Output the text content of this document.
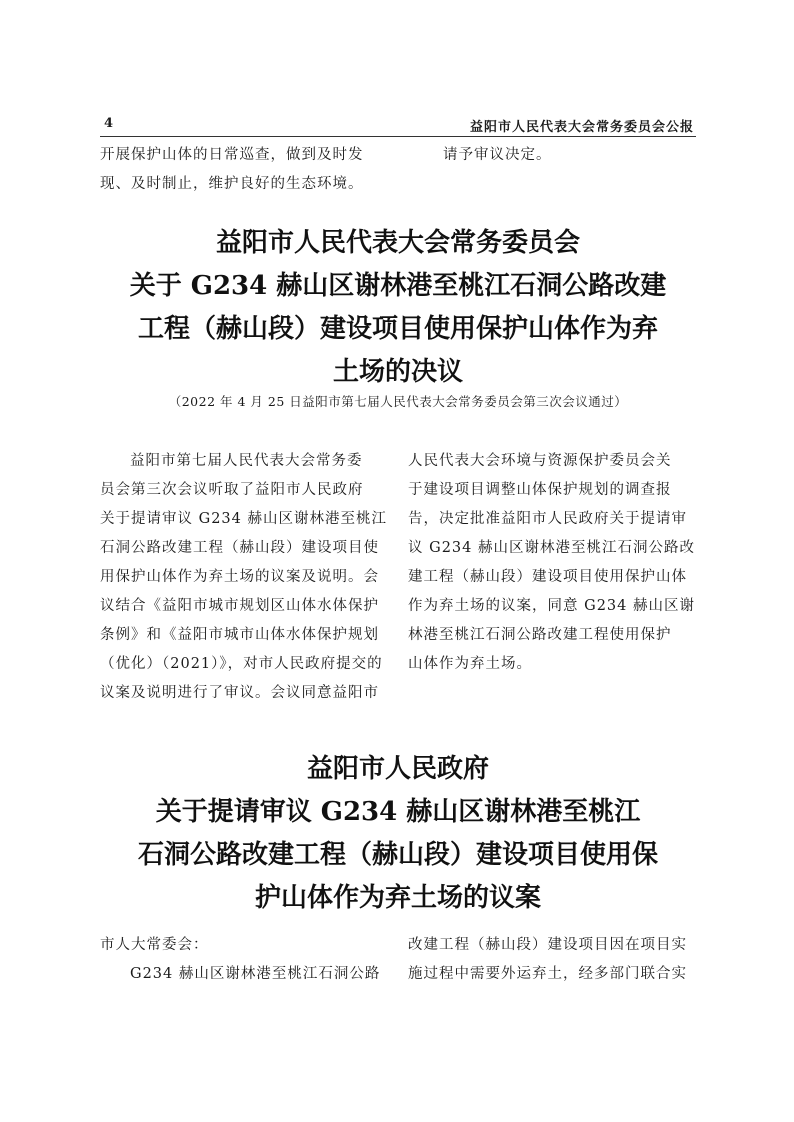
4	益阳市人民代表大会常务委员会公报

开展保护山体的日常巡查，做到及时发

现、及时制止，维护良好的生态环境。

请予审议决定。

益阳市人民代表大会常务委员会
关于 G234 赫山区谢林港至桃江石洞公路改建
工程（赫山段）建设项目使用保护山体作为弃
土场的决议
（2022 年 4 月 25 日益阳市第七届人民代表大会常务委员会第三次会议通过）

益阳市第七届人民代表大会常务委

员会第三次会议听取了益阳市人民政府

关于提请审议 G234 赫山区谢林港至桃江

石洞公路改建工程（赫山段）建设项目使

用保护山体作为弃土场的议案及说明。会

议结合《益阳市城市规划区山体水体保护

条例》和《益阳市城市山体水体保护规划

（优化）（2021）》，对市人民政府提交的

议案及说明进行了审议。会议同意益阳市

人民代表大会环境与资源保护委员会关

于建设项目调整山体保护规划的调查报

告，决定批准益阳市人民政府关于提请审

议 G234 赫山区谢林港至桃江石洞公路改

建工程（赫山段）建设项目使用保护山体

作为弃土场的议案，同意 G234 赫山区谢

林港至桃江石洞公路改建工程使用保护

山体作为弃土场。

益阳市人民政府
关于提请审议 G234 赫山区谢林港至桃江
石洞公路改建工程（赫山段）建设项目使用保
护山体作为弃土场的议案

市人大常委会：

G234 赫山区谢林港至桃江石洞公路

改建工程（赫山段）建设项目因在项目实

施过程中需要外运弃土，经多部门联合实
